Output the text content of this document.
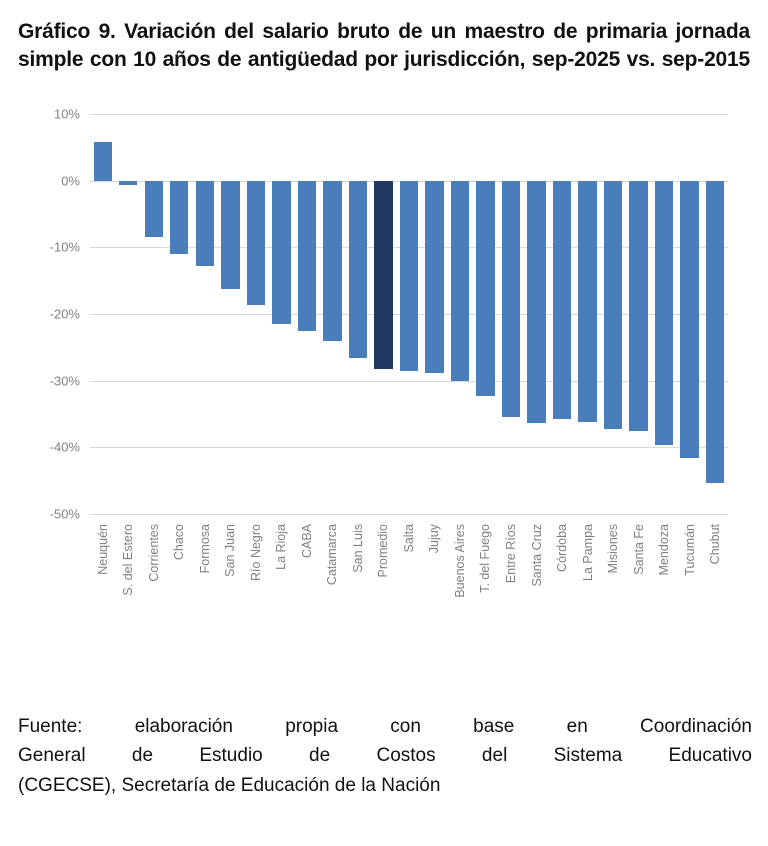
Gráfico 9. Variación del salario bruto de un maestro de primaria jornada simple con 10 años de antigüedad por jurisdicción, sep-2025 vs. sep-2015
10%
0%
-10%
-20%
-30%
-40%
-50%
Neuquén S. del Estero Corrientes Chaco Formosa San Juan Río Negro La Rioja CABA Catamarca San Luis Promedio Salta Jujuy Buenos Aires T. del Fuego Entre Ríos Santa Cruz Córdoba La Pampa Misiones Santa Fe Mendoza Tucumán Chubut
Fuente: elaboración propia con base en Coordinación
General de Estudio de Costos del Sistema Educativo
(CGECSE), Secretaría de Educación de la Nación
